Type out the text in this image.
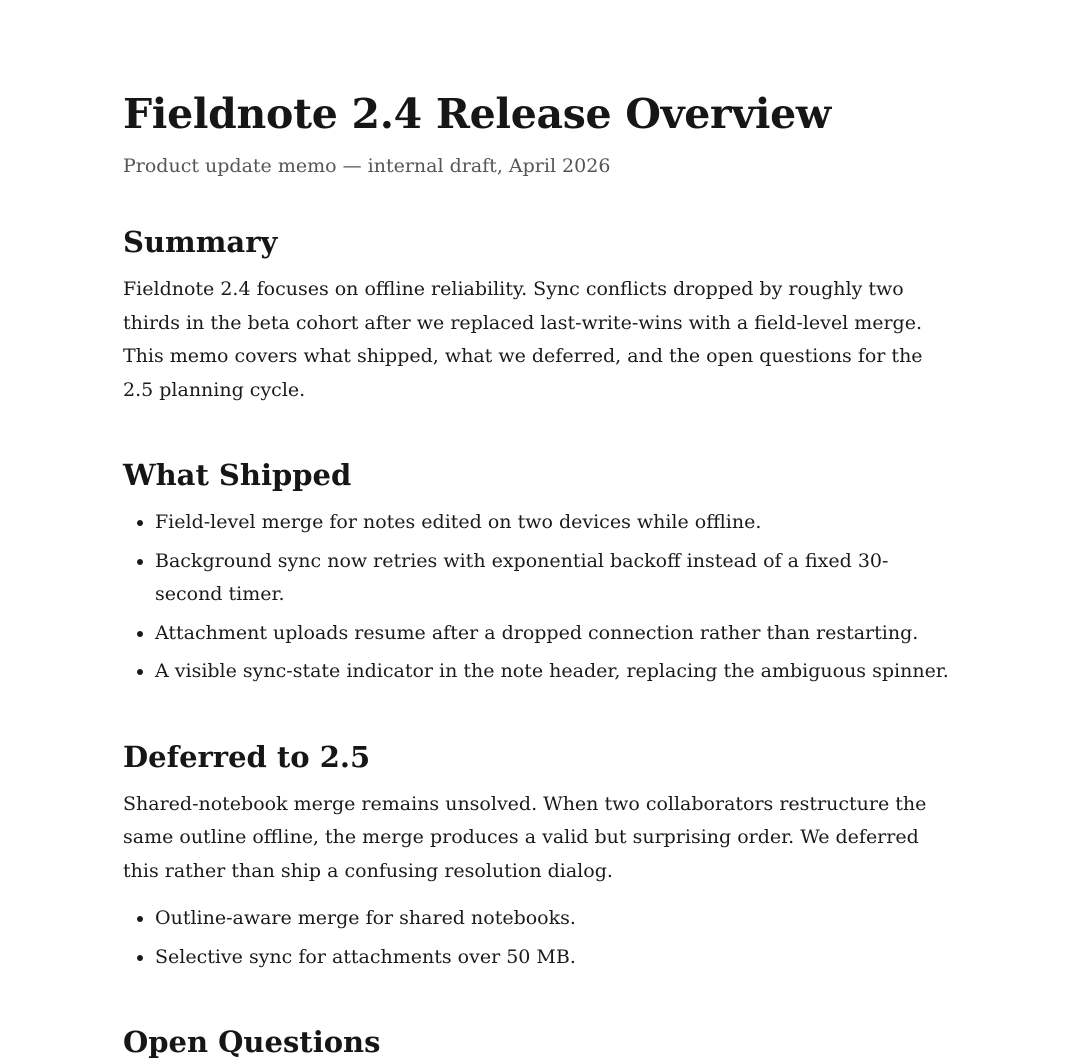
Fieldnote 2.4 Release Overview
Product update memo — internal draft, April 2026
Summary

Fieldnote 2.4 focuses on offline reliability. Sync conflicts dropped by roughly two thirds in the beta cohort after we replaced last-write-wins with a field-level merge. This memo covers what shipped, what we deferred, and the open questions for the 2.5 planning cycle.

What Shipped
• Field-level merge for notes edited on two devices while offline.
• Background sync now retries with exponential backoff instead of a fixed 30-second timer.
• Attachment uploads resume after a dropped connection rather than restarting.
• A visible sync-state indicator in the note header, replacing the ambiguous spinner.
Deferred to 2.5

Shared-notebook merge remains unsolved. When two collaborators restructure the same outline offline, the merge produces a valid but surprising order. We deferred this rather than ship a confusing resolution dialog.

• Outline-aware merge for shared notebooks.
• Selective sync for attachments over 50 MB.
Open Questions
